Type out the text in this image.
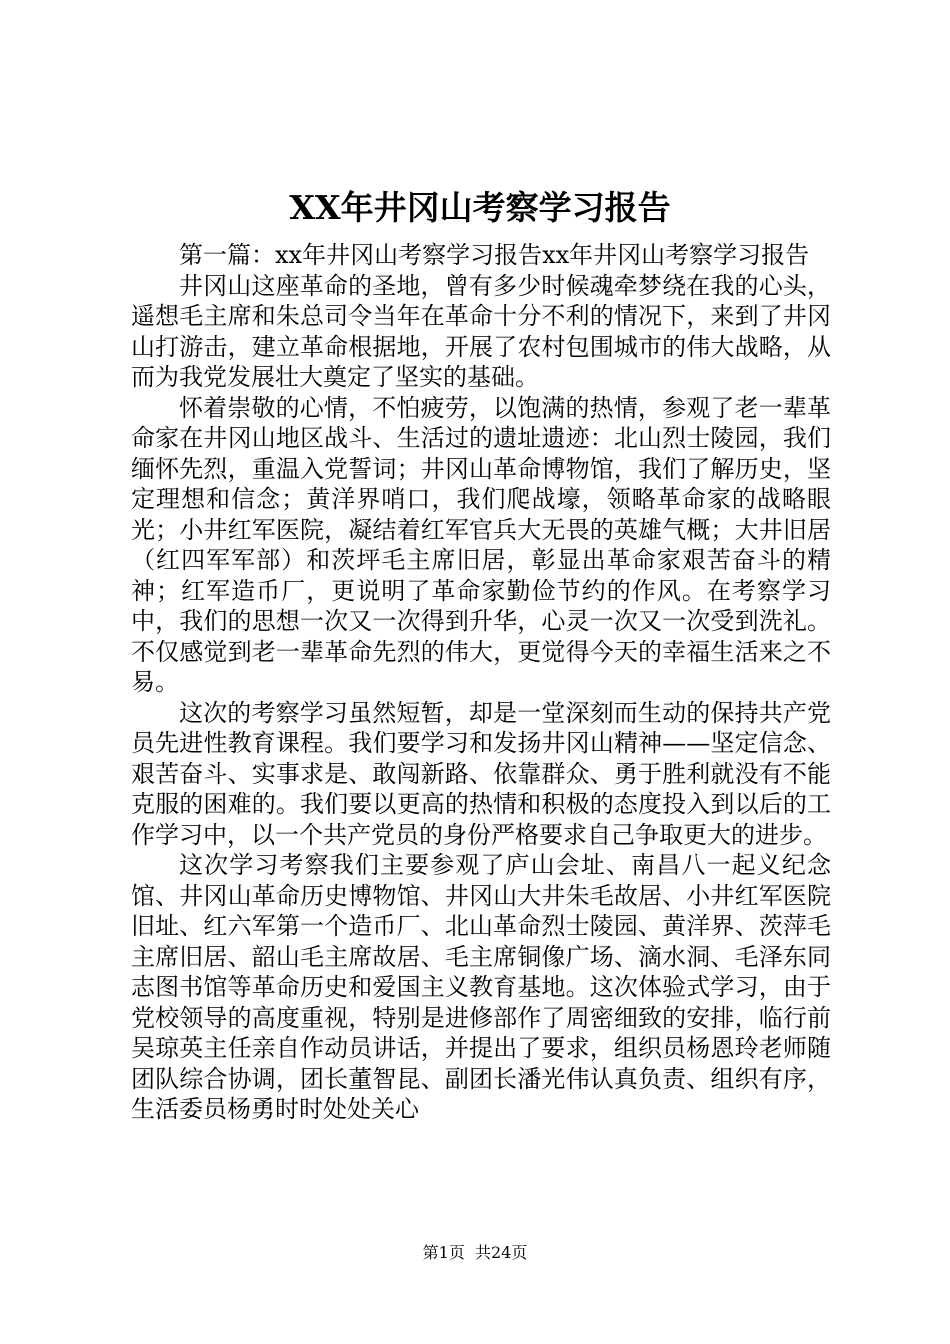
XX年井冈山考察学习报告

第一篇：xx年井冈山考察学习报告xx年井冈山考察学习报告

井冈山这座革命的圣地，曾有多少时候魂牵梦绕在我的心头，遥想毛主席和朱总司令当年在革命十分不利的情况下，来到了井冈山打游击，建立革命根据地，开展了农村包围城市的伟大战略，从而为我党发展壮大奠定了坚实的基础。

怀着崇敬的心情，不怕疲劳，以饱满的热情，参观了老一辈革命家在井冈山地区战斗、生活过的遗址遗迹：北山烈士陵园，我们缅怀先烈，重温入党誓词；井冈山革命博物馆，我们了解历史，坚定理想和信念；黄洋界哨口，我们爬战壕，领略革命家的战略眼光；小井红军医院，凝结着红军官兵大无畏的英雄气概；大井旧居（红四军军部）和茨坪毛主席旧居，彰显出革命家艰苦奋斗的精神；红军造币厂，更说明了革命家勤俭节约的作风。在考察学习中，我们的思想一次又一次得到升华，心灵一次又一次受到洗礼。不仅感觉到老一辈革命先烈的伟大，更觉得今天的幸福生活来之不易。

这次的考察学习虽然短暂，却是一堂深刻而生动的保持共产党员先进性教育课程。我们要学习和发扬井冈山精神——坚定信念、艰苦奋斗、实事求是、敢闯新路、依靠群众、勇于胜利就没有不能克服的困难的。我们要以更高的热情和积极的态度投入到以后的工作学习中，以一个共产党员的身份严格要求自己争取更大的进步。

这次学习考察我们主要参观了庐山会址、南昌八一起义纪念馆、井冈山革命历史博物馆、井冈山大井朱毛故居、小井红军医院旧址、红六军第一个造币厂、北山革命烈士陵园、黄洋界、茨萍毛主席旧居、韶山毛主席故居、毛主席铜像广场、滴水洞、毛泽东同志图书馆等革命历史和爱国主义教育基地。这次体验式学习，由于党校领导的高度重视，特别是进修部作了周密细致的安排，临行前吴琼英主任亲自作动员讲话，并提出了要求，组织员杨恩玲老师随团队综合协调，团长董智昆、副团长潘光伟认真负责、组织有序，生活委员杨勇时时处处关心

第1页  共24页
